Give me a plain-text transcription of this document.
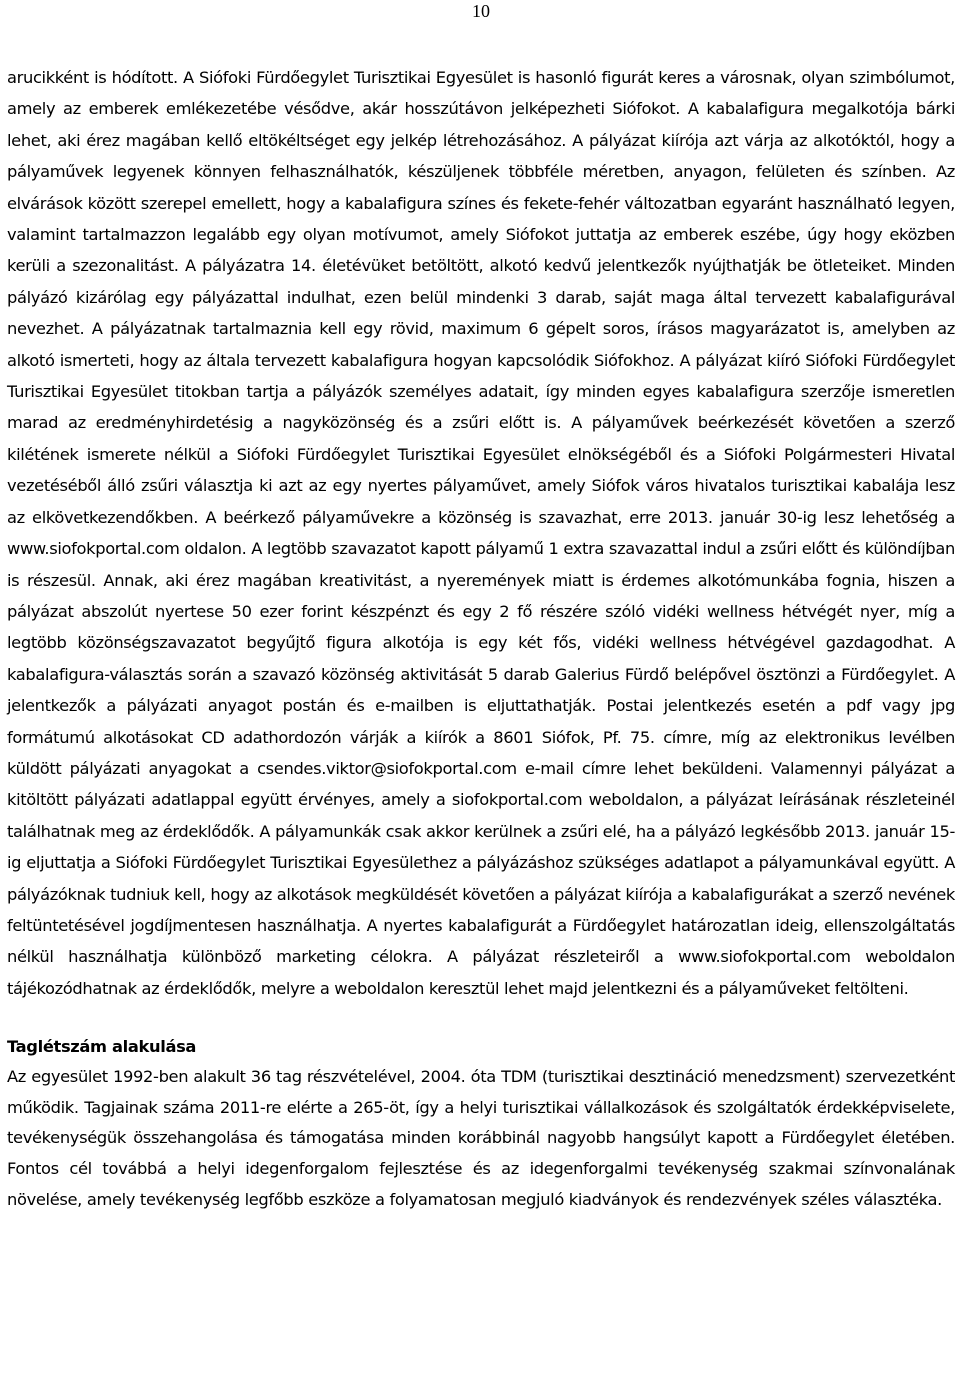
10

arucikként is hódított. A Siófoki Fürdőegylet Turisztikai Egyesület is hasonló figurát keres a városnak, olyan szimbólumot, amely az emberek emlékezetébe vésődve, akár hosszútávon jelképezheti Siófokot. A kabalafigura megalkotója bárki lehet, aki érez magában kellő eltökéltséget egy jelkép létrehozásához. A pályázat kiírója azt várja az alkotóktól, hogy a pályaművek legyenek könnyen felhasználhatók, készüljenek többféle méretben, anyagon, felületen és színben. Az elvárások között szerepel emellett, hogy a kabalafigura színes és fekete-fehér változatban egyaránt használható legyen, valamint tartalmazzon legalább egy olyan motívumot, amely Siófokot juttatja az emberek eszébe, úgy hogy eközben kerüli a szezonalitást. A pályázatra 14. életévüket betöltött, alkotó kedvű jelentkezők nyújthatják be ötleteiket. Minden pályázó kizárólag egy pályázattal indulhat, ezen belül mindenki 3 darab, saját maga által tervezett kabalafigurával nevezhet. A pályázatnak tartalmaznia kell egy rövid, maximum 6 gépelt soros, írásos magyarázatot is, amelyben az alkotó ismerteti, hogy az általa tervezett kabalafigura hogyan kapcsolódik Siófokhoz. A pályázat kiíró Siófoki Fürdőegylet Turisztikai Egyesület titokban tartja a pályázók személyes adatait, így minden egyes kabalafigura szerzője ismeretlen marad az eredményhirdetésig a nagyközönség és a zsűri előtt is. A pályaművek beérkezését követően a szerző kilétének ismerete nélkül a Siófoki Fürdőegylet Turisztikai Egyesület elnökségéből és a Siófoki Polgármesteri Hivatal vezetéséből álló zsűri választja ki azt az egy nyertes pályaművet, amely Siófok város hivatalos turisztikai kabalája lesz az elkövetkezendőkben. A beérkező pályaművekre a közönség is szavazhat, erre 2013. január 30-ig lesz lehetőség a www.siofokportal.com oldalon. A legtöbb szavazatot kapott pályamű 1 extra szavazattal indul a zsűri előtt és különdíjban is részesül. Annak, aki érez magában kreativitást, a nyeremények miatt is érdemes alkotómunkába fognia, hiszen a pályázat abszolút nyertese 50 ezer forint készpénzt és egy 2 fő részére szóló vidéki wellness hétvégét nyer, míg a legtöbb közönségszavazatot begyűjtő figura alkotója is egy két fős, vidéki wellness hétvégével gazdagodhat. A kabalafigura-választás során a szavazó közönség aktivitását 5 darab Galerius Fürdő belépővel ösztönzi a Fürdőegylet. A jelentkezők a pályázati anyagot postán és e-mailben is eljuttathatják. Postai jelentkezés esetén a pdf vagy jpg formátumú alkotásokat CD adathordozón várják a kiírók a 8601 Siófok, Pf. 75. címre, míg az elektronikus levélben küldött pályázati anyagokat a csendes.viktor@siofokportal.com e-mail címre lehet beküldeni. Valamennyi pályázat a kitöltött pályázati adatlappal együtt érvényes, amely a siofokportal.com weboldalon, a pályázat leírásának részleteinél találhatnak meg az érdeklődők. A pályamunkák csak akkor kerülnek a zsűri elé, ha a pályázó legkésőbb 2013. január 15-ig eljuttatja a Siófoki Fürdőegylet Turisztikai Egyesülethez a pályázáshoz szükséges adatlapot a pályamunkával együtt. A pályázóknak tudniuk kell, hogy az alkotások megküldését követően a pályázat kiírója a kabalafigurákat a szerző nevének feltüntetésével jogdíjmentesen használhatja. A nyertes kabalafigurát a Fürdőegylet határozatlan ideig, ellenszolgáltatás nélkül használhatja különböző marketing célokra. A pályázat részleteiről a www.siofokportal.com weboldalon tájékozódhatnak az érdeklődők, melyre a weboldalon keresztül lehet majd jelentkezni és a pályaműveket feltölteni.

Taglétszám alakulása

Az egyesület 1992-ben alakult 36 tag részvételével, 2004. óta TDM (turisztikai desztináció menedzsment) szervezetként működik. Tagjainak száma 2011-re elérte a 265-öt, így a helyi turisztikai vállalkozások és szolgáltatók érdekképviselete, tevékenységük összehangolása és támogatása minden korábbinál nagyobb hangsúlyt kapott a Fürdőegylet életében. Fontos cél továbbá a helyi idegenforgalom fejlesztése és az idegenforgalmi tevékenység szakmai színvonalának növelése, amely tevékenység legfőbb eszköze a folyamatosan megjuló kiadványok és rendezvények széles választéka.
